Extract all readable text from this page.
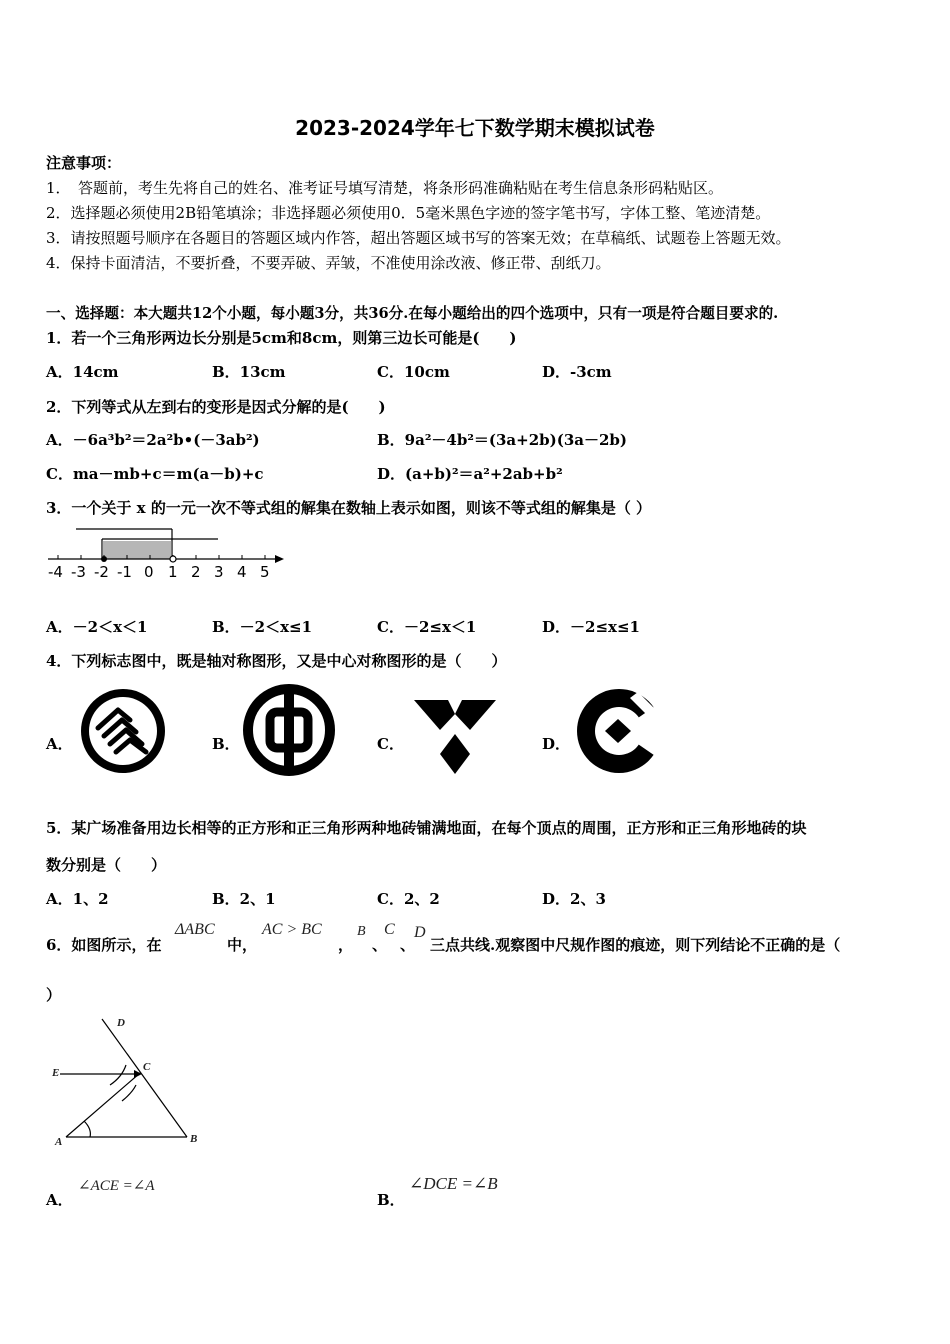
2023-2024学年七下数学期末模拟试卷
注意事项：
1．　答题前，考生先将自己的姓名、准考证号填写清楚，将条形码准确粘贴在考生信息条形码粘贴区。
2．选择题必须使用2B铅笔填涂；非选择题必须使用0．5毫米黑色字迹的签字笔书写，字体工整、笔迹清楚。
3．请按照题号顺序在各题目的答题区域内作答，超出答题区域书写的答案无效；在草稿纸、试题卷上答题无效。
4．保持卡面清洁，不要折叠，不要弄破、弄皱，不准使用涂改液、修正带、刮纸刀。
一、选择题：本大题共12个小题，每小题3分，共36分.在每小题给出的四个选项中，只有一项是符合题目要求的.
1．若一个三角形两边长分别是5cm和8cm，则第三边长可能是(　　)
A．14cm	B．13cm	C．10cm	D．-3cm
2．下列等式从左到右的变形是因式分解的是(　　)
A．－6a³b²＝2a²b•(－3ab²)	B．9a²－4b²＝(3a+2b)(3a－2b)
C．ma－mb+c＝m(a－b)+c	D．(a+b)²＝a²+2ab+b²
3．一个关于 x 的一元一次不等式组的解集在数轴上表示如图，则该不等式组的解集是（ ）
-4 -3 -2 -1 0 1 2 3 4 5
A．－2＜x＜1	B．－2＜x≤1	C．－2≤x＜1	D．－2≤x≤1
4．下列标志图中，既是轴对称图形，又是中心对称图形的是（　　）
A．	B．	C．	D．
5．某广场准备用边长相等的正方形和正三角形两种地砖铺满地面，在每个顶点的周围，正方形和正三角形地砖的块
数分别是（　　）
A．1、2	B．2、1	C．2、2	D．2、3
6．如图所示，在
ΔABC
中，
AC > BC
，
B
、
C
、
D
三点共线.观察图中尺规作图的痕迹，则下列结论不正确的是（
）
D
E	C
A	B
A．
∠ACE =∠A
B．
∠DCE =∠B
